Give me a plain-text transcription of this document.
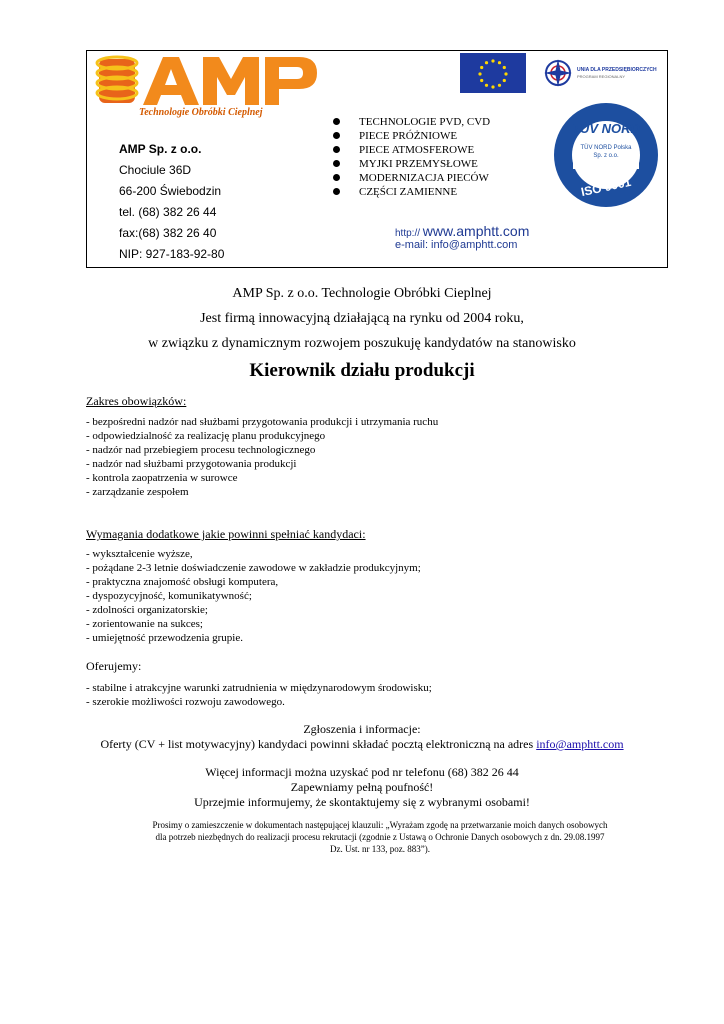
Technologie Obróbki Cieplnej
AMP Sp. z o.o.
Chociule 36D
66-200 Świebodzin
tel. (68) 382 26 44
fax:(68) 382 26 40
NIP: 927-183-92-80
TECHNOLOGIE PVD, CVD
PIECE PRÓŻNIOWE
PIECE ATMOSFEROWE
MYJKI PRZEMYSŁOWE
MODERNIZACJA PIECÓW
CZĘŚCI ZAMIENNE
http:// www.amphtt.com
e-mail: info@amphtt.com
UNIA DLA PRZEDSIĘBIORCZYCH
PROGRAM REGIONALNY
TÜV NORD
TÜV NORD Polska
Sp. z o.o.
ISO 9001
AMP Sp. z o.o. Technologie Obróbki Cieplnej
Jest firmą innowacyjną działającą na rynku od 2004 roku,
w związku z dynamicznym rozwojem poszukuję kandydatów na stanowisko
Kierownik działu produkcji
Zakres obowiązków:
- bezpośredni nadzór nad służbami przygotowania produkcji i utrzymania ruchu
- odpowiedzialność za realizację planu produkcyjnego
- nadzór nad przebiegiem procesu technologicznego
- nadzór nad służbami przygotowania produkcji
- kontrola zaopatrzenia w surowce
- zarządzanie zespołem
Wymagania dodatkowe jakie powinni spełniać kandydaci:
- wykształcenie wyższe,
- pożądane 2-3 letnie doświadczenie zawodowe w zakładzie produkcyjnym;
- praktyczna znajomość obsługi komputera,
- dyspozycyjność, komunikatywność;
- zdolności organizatorskie;
- zorientowanie na sukces;
- umiejętność przewodzenia grupie.
Oferujemy:
- stabilne i atrakcyjne warunki zatrudnienia w międzynarodowym środowisku;
- szerokie możliwości rozwoju zawodowego.
Zgłoszenia i informacje:
Oferty (CV + list motywacyjny) kandydaci powinni składać pocztą elektroniczną na adres info@amphtt.com
Więcej informacji można uzyskać pod nr telefonu (68) 382 26 44
Zapewniamy pełną poufność!
Uprzejmie informujemy, że skontaktujemy się z wybranymi osobami!
Prosimy o zamieszczenie w dokumentach następującej klauzuli: „Wyrażam zgodę na przetwarzanie moich danych osobowych dla potrzeb niezbędnych do realizacji procesu rekrutacji (zgodnie z Ustawą o Ochronie Danych osobowych z dn. 29.08.1997 Dz. Ust. nr 133, poz. 883”).
